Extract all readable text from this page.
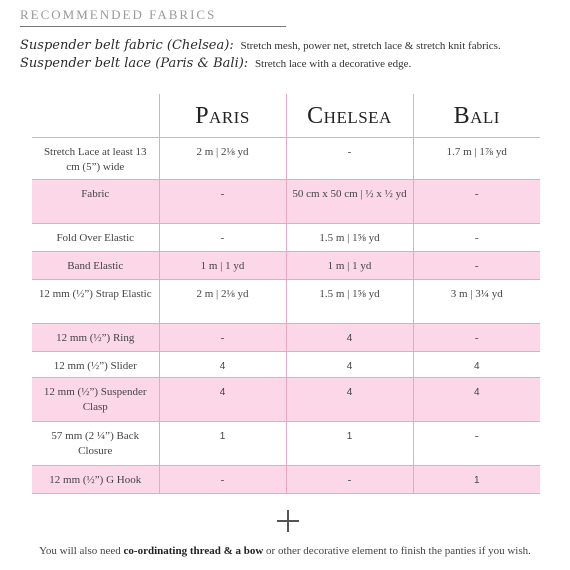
RECOMMENDED FABRICS
Suspender belt fabric (Chelsea): Stretch mesh, power net, stretch lace & stretch knit fabrics.
Suspender belt lace (Paris & Bali): Stretch lace with a decorative edge.
	Paris	Chelsea	Bali
Stretch Lace at least 13 cm (5”) wide	2 m | 2⅛ yd	-	1.7 m | 1⅞ yd
Fabric	-	50 cm x 50 cm | ½ x ½ yd	-
Fold Over Elastic	-	1.5 m | 1⅝ yd	-
Band Elastic	1 m | 1 yd	1 m | 1 yd	-
12 mm (½”) Strap Elastic	2 m | 2⅛ yd	1.5 m | 1⅝ yd	3 m | 3¼ yd
12 mm (½”) Ring	-	4	-
12 mm (½”) Slider	4	4	4
12 mm (½”) Suspender Clasp	4	4	4
57 mm (2 ¼”) Back Closure	1	1	-
12 mm (½”) G Hook	-	-	1
You will also need co-ordinating thread & a bow or other decorative element to finish the panties if you wish.
